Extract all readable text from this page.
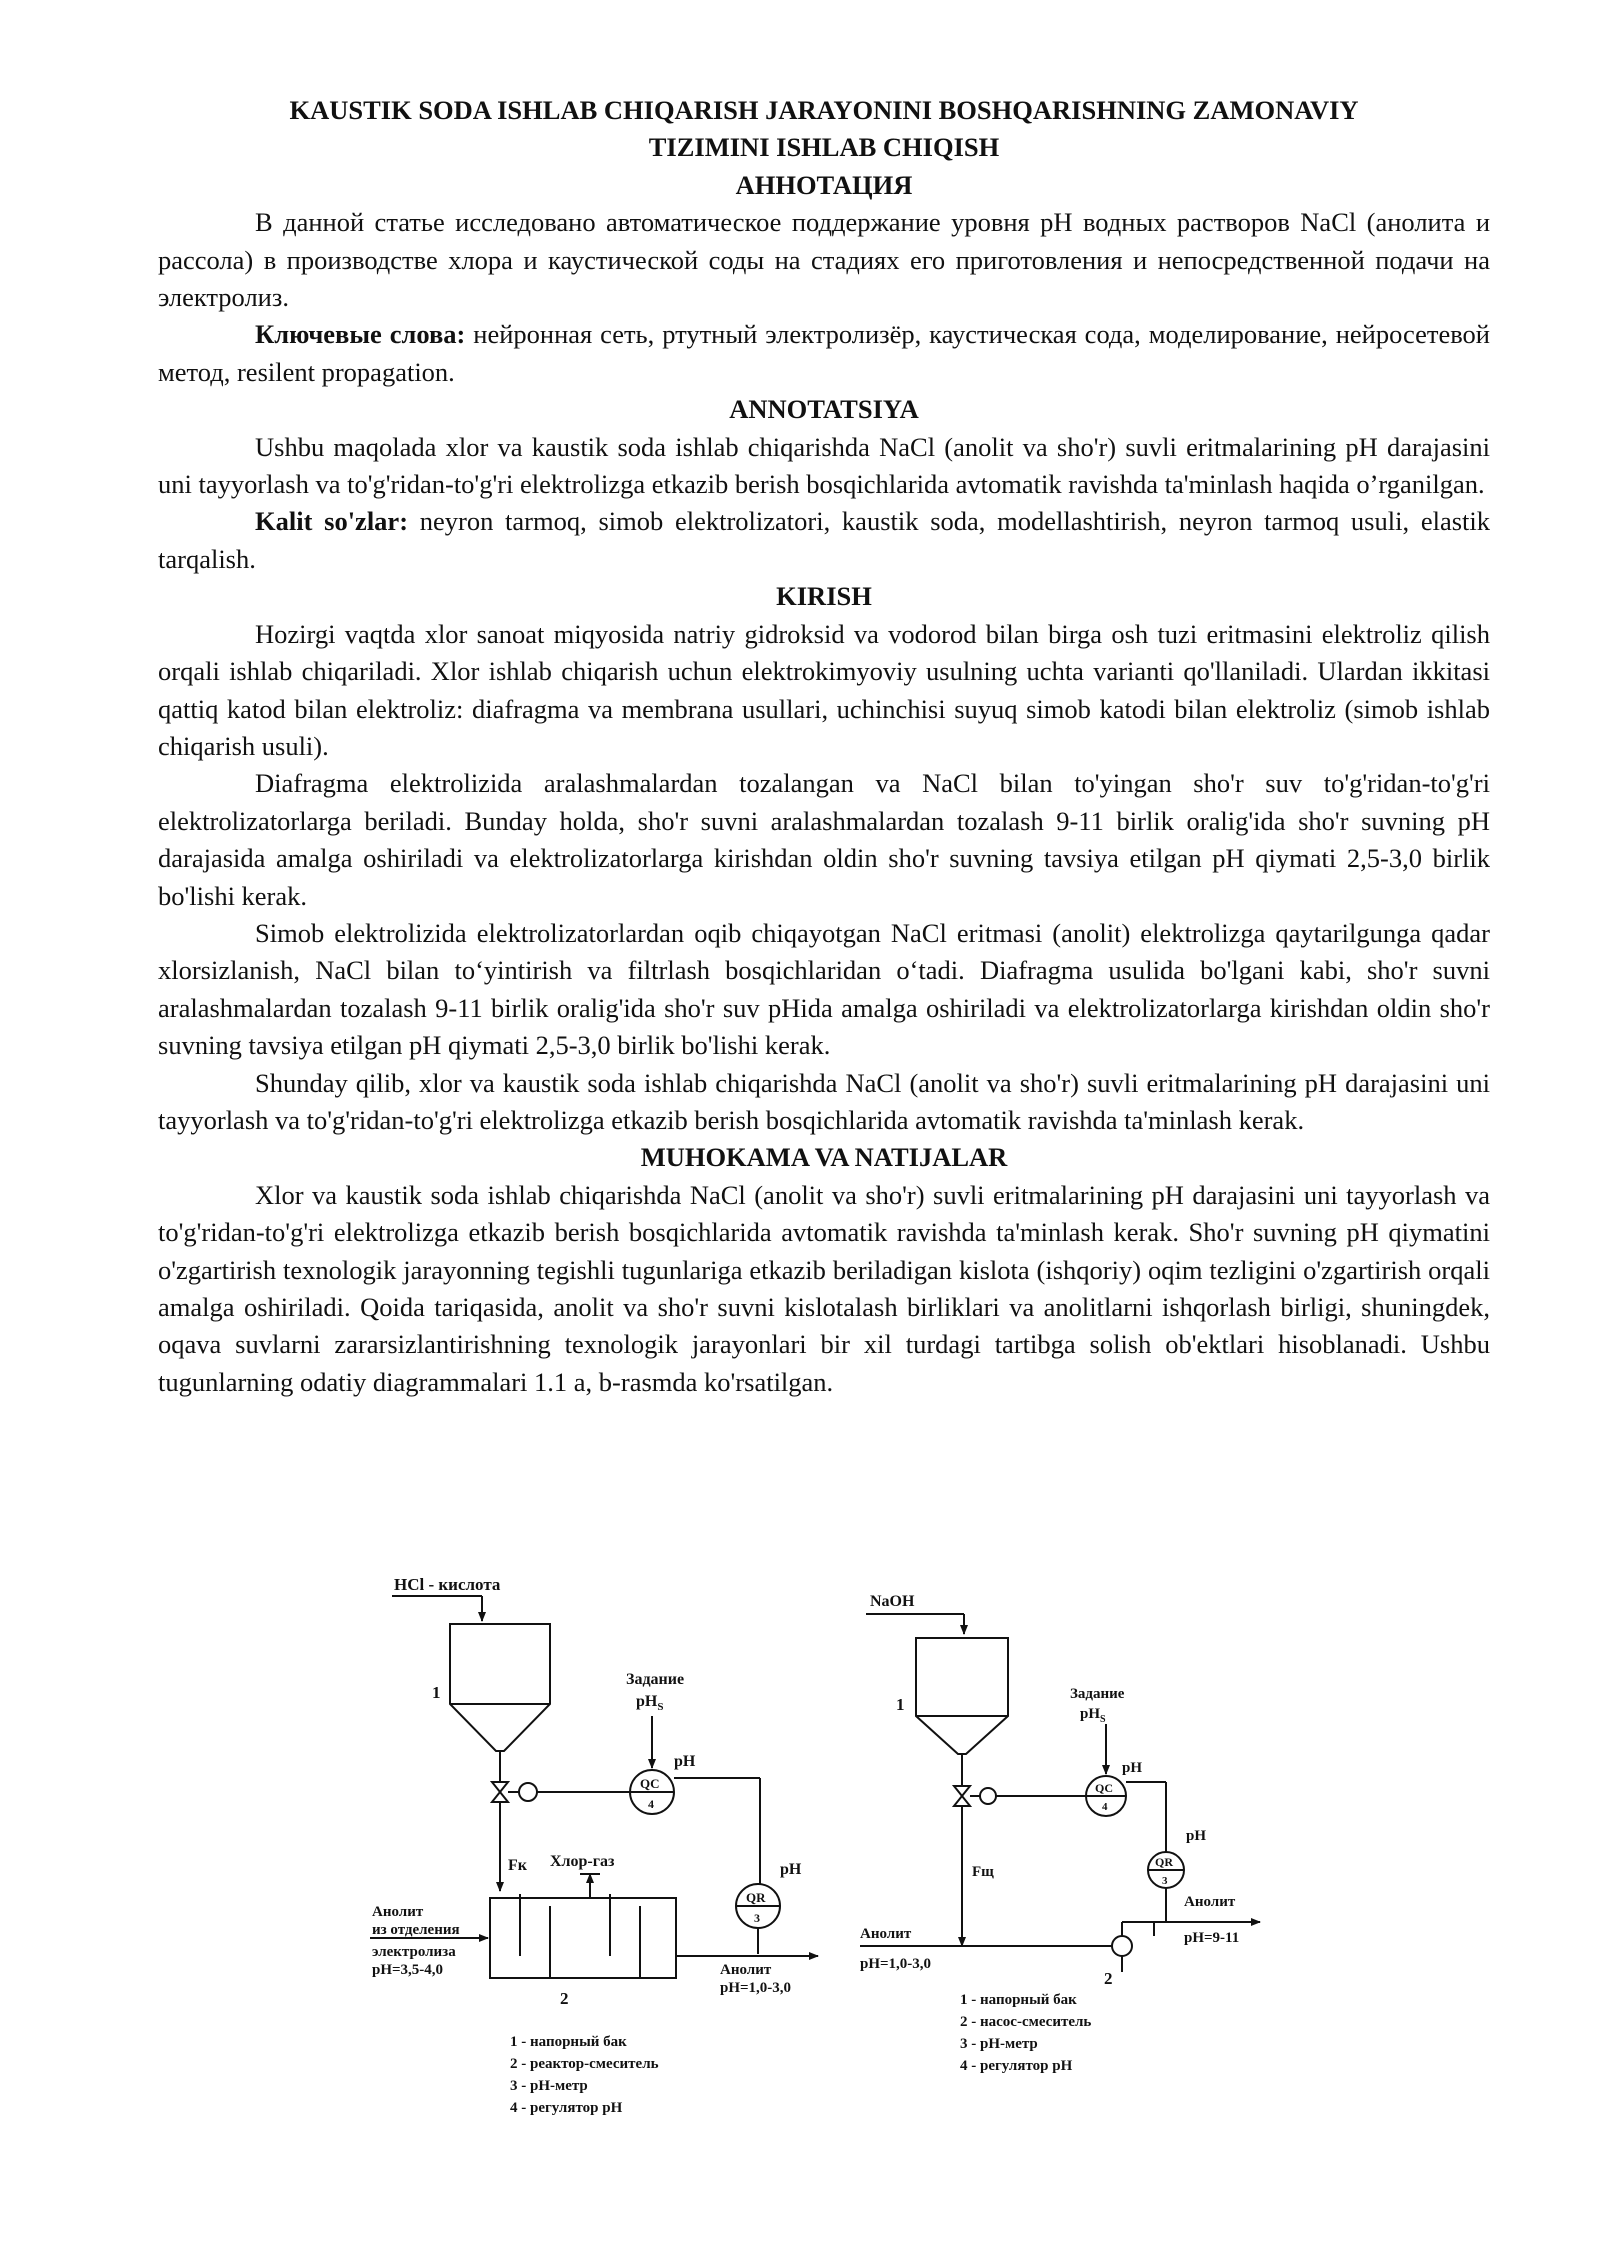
KAUSTIK SODA ISHLAB CHIQARISH JARAYONINI BOSHQARISHNING ZAMONAVIY

TIZIMINI ISHLAB CHIQISH

АННОТАЦИЯ

В данной статье исследовано автоматическое поддержание уровня pH водных растворов NaCl (анолита и рассола) в производстве хлора и каустической соды на стадиях его приготовления и непосредственной подачи на электролиз.

Ключевые слова: нейронная сеть, ртутный электролизёр, каустическая сода, моделирование, нейросетевой метод, resilent propagation.

ANNOTATSIYA

Ushbu maqolada xlor va kaustik soda ishlab chiqarishda NaCl (anolit va sho'r) suvli eritmalarining pH darajasini uni tayyorlash va to'g'ridan-to'g'ri elektrolizga etkazib berish bosqichlarida avtomatik ravishda ta'minlash haqida o’rganilgan.

Kalit so'zlar: neyron tarmoq, simob elektrolizatori, kaustik soda, modellashtirish, neyron tarmoq usuli, elastik tarqalish.

KIRISH

Hozirgi vaqtda xlor sanoat miqyosida natriy gidroksid va vodorod bilan birga osh tuzi eritmasini elektroliz qilish orqali ishlab chiqariladi. Xlor ishlab chiqarish uchun elektrokimyoviy usulning uchta varianti qo'llaniladi. Ulardan ikkitasi qattiq katod bilan elektroliz: diafragma va membrana usullari, uchinchisi suyuq simob katodi bilan elektroliz (simob ishlab chiqarish usuli).

Diafragma elektrolizida aralashmalardan tozalangan va NaCl bilan to'yingan sho'r suv to'g'ridan-to'g'ri elektrolizatorlarga beriladi. Bunday holda, sho'r suvni aralashmalardan tozalash 9-11 birlik oralig'ida sho'r suvning pH darajasida amalga oshiriladi va elektrolizatorlarga kirishdan oldin sho'r suvning tavsiya etilgan pH qiymati 2,5-3,0 birlik bo'lishi kerak.

Simob elektrolizida elektrolizatorlardan oqib chiqayotgan NaCl eritmasi (anolit) elektrolizga qaytarilgunga qadar xlorsizlanish, NaCl bilan to‘yintirish va filtrlash bosqichlaridan o‘tadi. Diafragma usulida bo'lgani kabi, sho'r suvni aralashmalardan tozalash 9-11 birlik oralig'ida sho'r suv pHida amalga oshiriladi va elektrolizatorlarga kirishdan oldin sho'r suvning tavsiya etilgan pH qiymati 2,5-3,0 birlik bo'lishi kerak.

Shunday qilib, xlor va kaustik soda ishlab chiqarishda NaCl (anolit va sho'r) suvli eritmalarining pH darajasini uni tayyorlash va to'g'ridan-to'g'ri elektrolizga etkazib berish bosqichlarida avtomatik ravishda ta'minlash kerak.

MUHOKAMA VA NATIJALAR

Xlor va kaustik soda ishlab chiqarishda NaCl (anolit va sho'r) suvli eritmalarining pH darajasini uni tayyorlash va to'g'ridan-to'g'ri elektrolizga etkazib berish bosqichlarida avtomatik ravishda ta'minlash kerak. Sho'r suvning pH qiymatini o'zgartirish texnologik jarayonning tegishli tugunlariga etkazib beriladigan kislota (ishqoriy) oqim tezligini o'zgartirish orqali amalga oshiriladi. Qoida tariqasida, anolit va sho'r suvni kislotalash birliklari va anolitlarni ishqorlash birligi, shuningdek, oqava suvlarni zararsizlantirishning texnologik jarayonlari bir xil turdagi tartibga solish ob'ektlari hisoblanadi. Ushbu tugunlarning odatiy diagrammalari 1.1 a, b-rasmda ko'rsatilgan.

HCl - кислота
1
Задание
$pH_S$
pH
QC
4
pH
QR
3
Fк Хлор-газ
Анолит
из отделения
электролиза
pH=3,5-4,0	Анолит
pH=1,0-3,0
2
1 - напорный бак
2 - реактор-смеситель
3 - рН-метр
4 - регулятор pH
NaOH
1
Задание
$pH_S$
pH
QC
4
pH
QR
3
Fщ
Анолит
pH=1,0-3,0
Анолит
pH=9-11
2
1 - напорный бак
2 - насос-смеситель
3 - рН-метр
4 - регулятор pH
